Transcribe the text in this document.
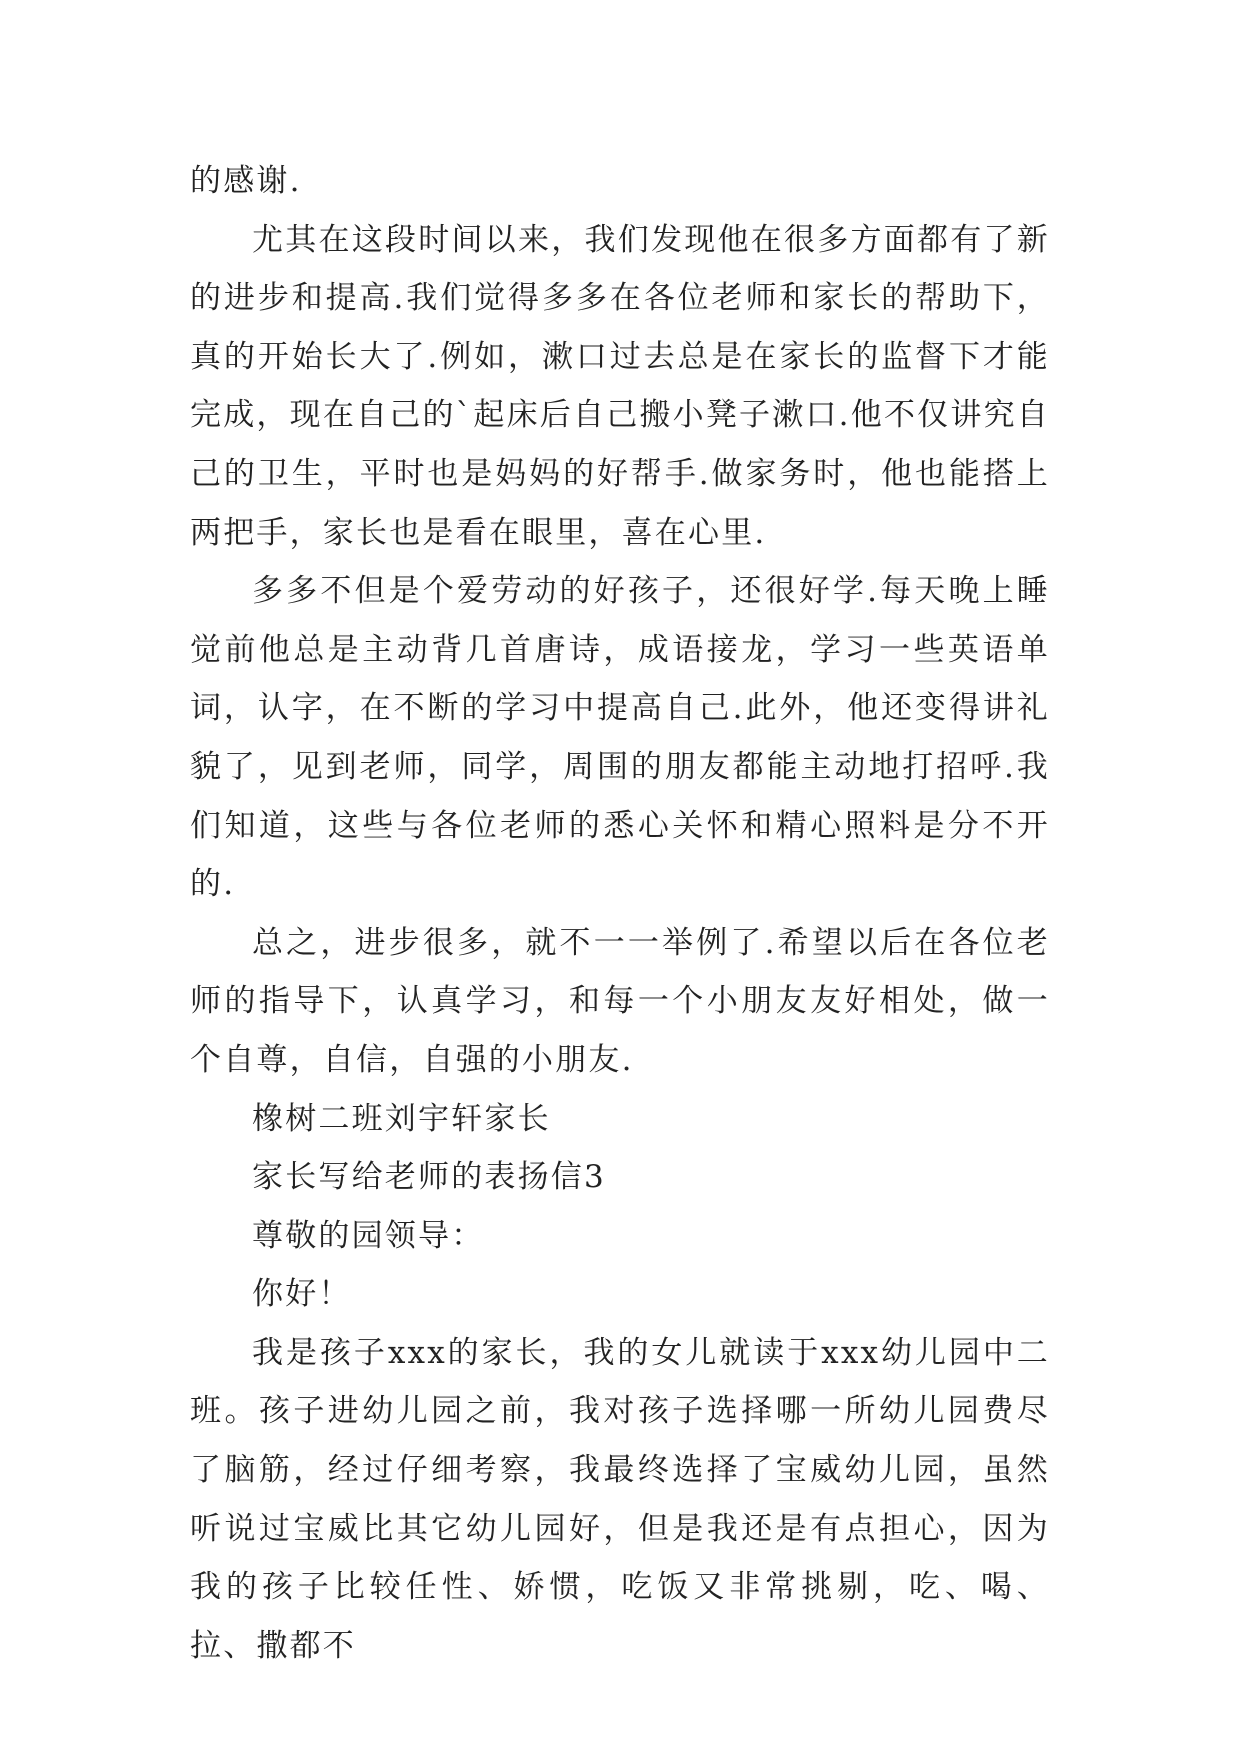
的感谢.

尤其在这段时间以来，我们发现他在很多方面都有了新的进步和提高.我们觉得多多在各位老师和家长的帮助下，真的开始长大了.例如，漱口过去总是在家长的监督下才能完成，现在自己的`起床后自己搬小凳子漱口.他不仅讲究自己的卫生，平时也是妈妈的好帮手.做家务时，他也能搭上两把手，家长也是看在眼里，喜在心里.

多多不但是个爱劳动的好孩子，还很好学.每天晚上睡觉前他总是主动背几首唐诗，成语接龙，学习一些英语单词，认字，在不断的学习中提高自己.此外，他还变得讲礼貌了，见到老师，同学，周围的朋友都能主动地打招呼.我们知道，这些与各位老师的悉心关怀和精心照料是分不开的.

总之，进步很多，就不一一举例了.希望以后在各位老师的指导下，认真学习，和每一个小朋友友好相处，做一个自尊，自信，自强的小朋友.

橡树二班刘宇轩家长

家长写给老师的表扬信3

尊敬的园领导：

你好！

我是孩子xxx的家长，我的女儿就读于xxx幼儿园中二班。孩子进幼儿园之前，我对孩子选择哪一所幼儿园费尽了脑筋，经过仔细考察，我最终选择了宝威幼儿园，虽然听说过宝威比其它幼儿园好，但是我还是有点担心，因为我的孩子比较任性、娇惯，吃饭又非常挑剔，吃、喝、拉、撒都不
